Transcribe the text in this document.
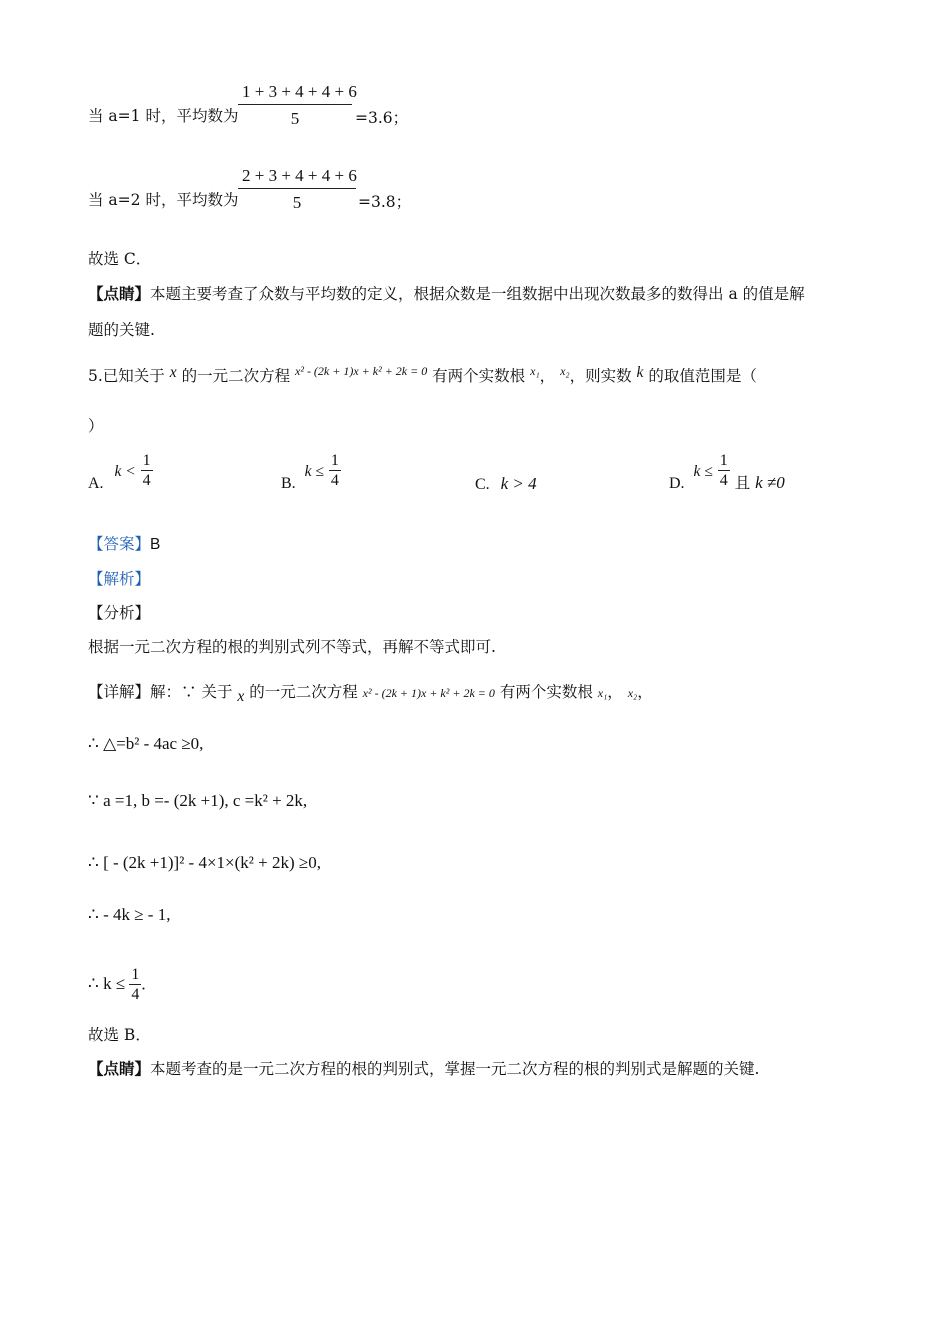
当 a=1 时，平均数为 $\frac{1 + 3 + 4 + 4 + 6}{5} =3.6$；
当 a=2 时，平均数为 $\frac{2 + 3 + 4 + 4 + 6}{5} =3.8$；
故选 C．
【点睛】本题主要考查了众数与平均数的定义，根据众数是一组数据中出现次数最多的数得出 a 的值是解
题的关键.
5.已知关于 x 的一元二次方程 $^{x^2 - (2k + 1)x + k^2 + 2k = 0}$ 有两个实数根 $^{x_1}$， $^{x_2}$，则实数 k 的取值范围是（
）
A. $k < \frac{1}{4}$	B. $k \le \frac{1}{4}$	C. k > 4	D. $k \le \frac{1}{4}$ 且 k ≠0
【答案】B
【解析】
【分析】
根据一元二次方程的根的判别式列不等式，再解不等式即可.
【详解】解：∵ 关于 x 的一元二次方程 x² - (2k + 1)x + k² + 2k = 0 有两个实数根 x₁， x₂，
∴ △=b² - 4ac ≥0,
∵ a =1, b =- (2k +1), c =k² + 2k,
∴ [ - (2k +1)]² - 4×1×(k² + 2k) ≥0,
∴ - 4k ≥ - 1,
∴ $k \le \frac{1}{4}$ .
故选 B．
【点睛】本题考查的是一元二次方程的根的判别式，掌握一元二次方程的根的判别式是解题的关键.
